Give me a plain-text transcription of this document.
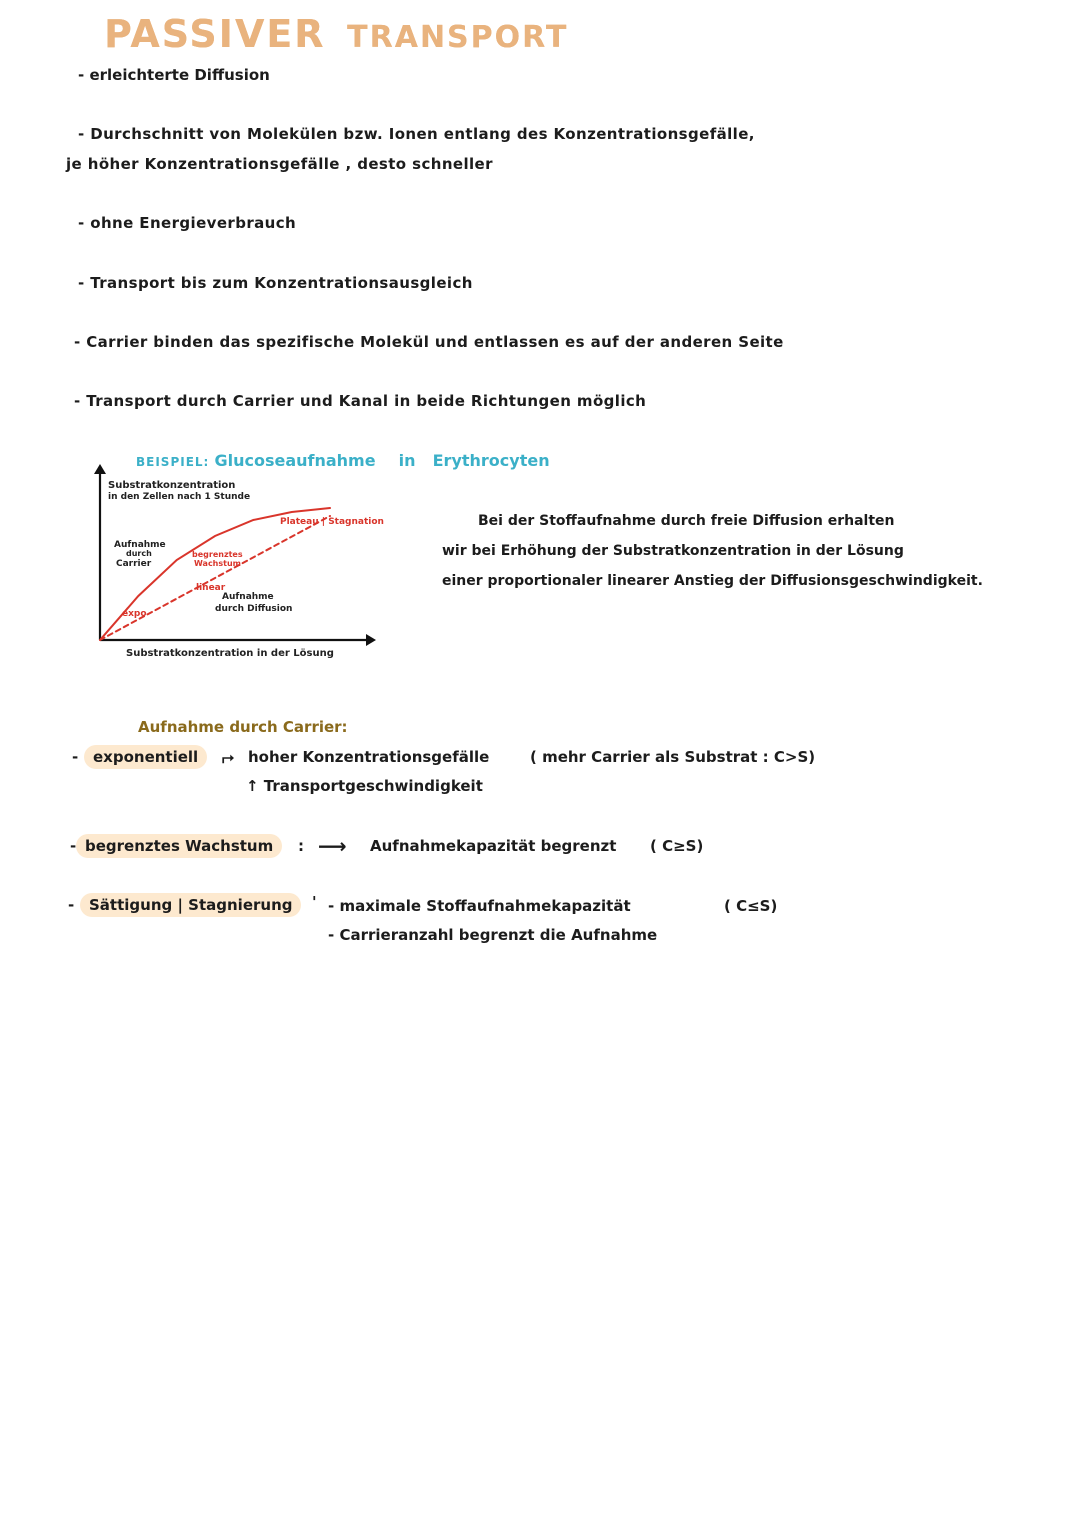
PASSIVER TRANSPORT
- erleichterte Diffusion
- Durchschnitt von Molekülen bzw. Ionen entlang des Konzentrationsgefälle,
je höher Konzentrationsgefälle , desto schneller
- ohne Energieverbrauch
- Transport bis zum Konzentrationsausgleich
- Carrier binden das spezifische Molekül und entlassen es auf der anderen Seite
- Transport durch Carrier und Kanal in beide Richtungen möglich
BEISPIEL: Glucoseaufnahme in Erythrocyten
Substratkonzentration
in den Zellen nach 1 Stunde
Plateau | Stagnation
Aufnahme
durch
Carrier
begrenztes
Wachstum
linear
Aufnahme
durch Diffusion
expo
Substratkonzentration in der Lösung
Bei der Stoffaufnahme durch freie Diffusion erhalten
wir bei Erhöhung der Substratkonzentration in der Lösung
einer proportionaler linearer Anstieg der Diffusionsgeschwindigkeit.
Aufnahme durch Carrier:
- exponentiell	⮣ hoher Konzentrationsgefälle
↑ Transportgeschwindigkeit
( mehr Carrier als Substrat : C>S)
- begrenztes Wachstum	: ⟶ Aufnahmekapazität begrenzt ( C≥S)
- Sättigung | Stagnierung	' - maximale Stoffaufnahmekapazität
- Carrieranzahl begrenzt die Aufnahme
( C≤S)
